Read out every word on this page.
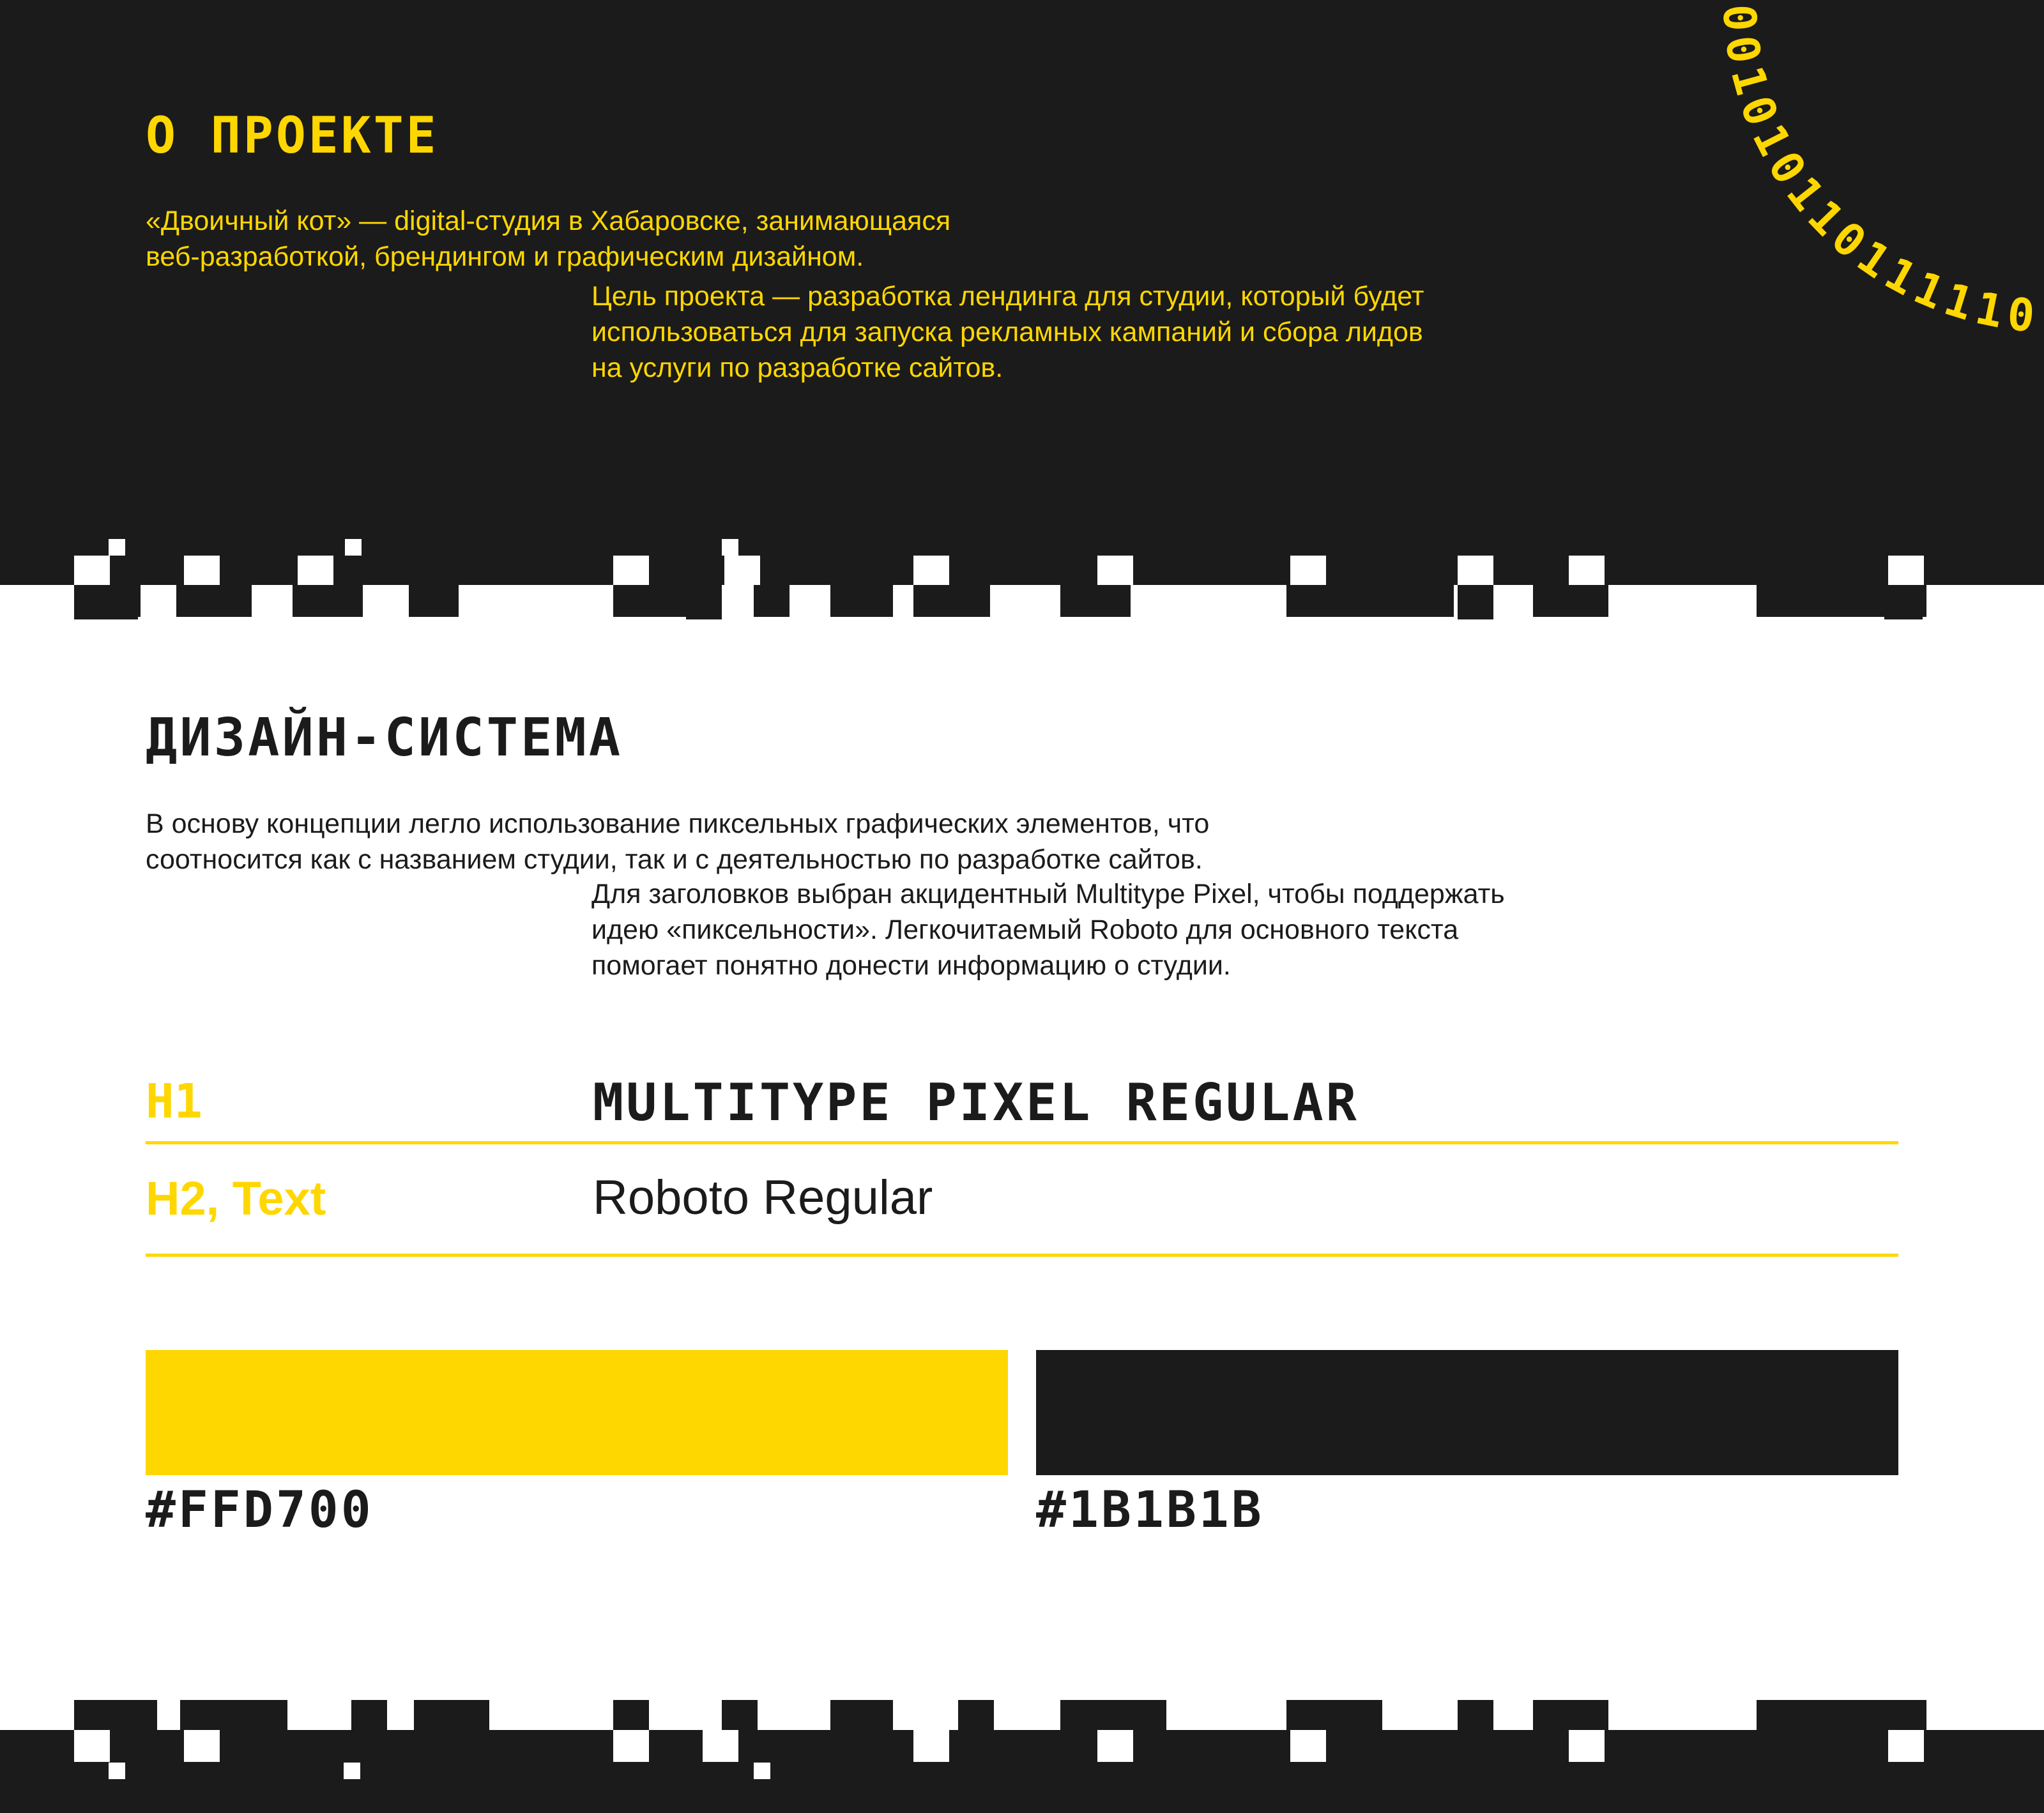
О ПРОЕКТЕ
«Двоичный кот» — digital-студия в Хабаровске, занимающаяся
веб-разработкой, брендингом и графическим дизайном.
Цель проекта — разработка лендинга для студии, который будет
использоваться для запуска рекламных кампаний и сбора лидов
на услуги по разработке сайтов.
001010110111110
ДИЗАЙН-СИСТЕМА
В основу концепции легло использование пиксельных графических элементов, что
соотносится как с названием студии, так и с деятельностью по разработке сайтов.
Для заголовков выбран акцидентный Multitype Pixel, чтобы поддержать
идею «пиксельности». Легкочитаемый Roboto для основного текста
помогает понятно донести информацию о студии.
H1	MULTITYPE PIXEL REGULAR
H2, Text	Roboto Regular
#FFD700	#1B1B1B
